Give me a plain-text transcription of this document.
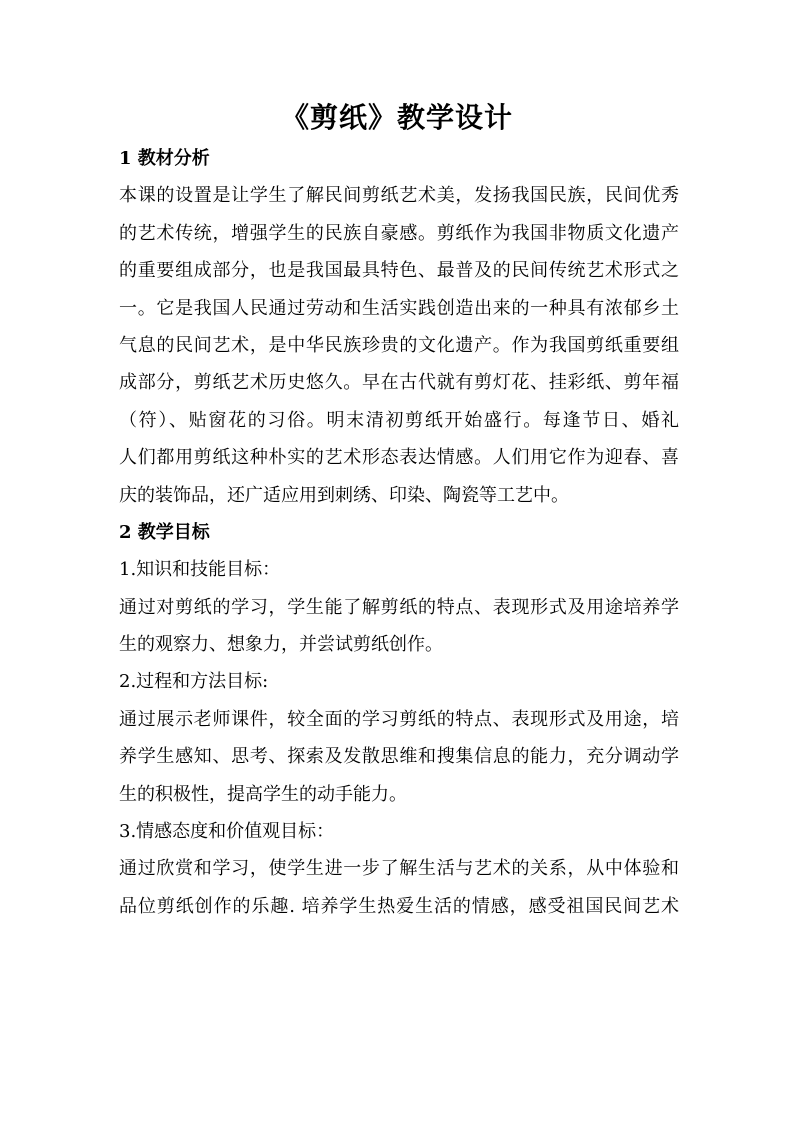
《剪纸》教学设计
1 教材分析
本课的设置是让学生了解民间剪纸艺术美，发扬我国民族，民间优秀
的艺术传统，增强学生的民族自豪感。剪纸作为我国非物质文化遗产
的重要组成部分，也是我国最具特色、最普及的民间传统艺术形式之
一。它是我国人民通过劳动和生活实践创造出来的一种具有浓郁乡土
气息的民间艺术，是中华民族珍贵的文化遗产。作为我国剪纸重要组
成部分，剪纸艺术历史悠久。早在古代就有剪灯花、挂彩纸、剪年福
（符）、贴窗花的习俗。明末清初剪纸开始盛行。每逢节日、婚礼
人们都用剪纸这种朴实的艺术形态表达情感。人们用它作为迎春、喜
庆的装饰品，还广适应用到刺绣、印染、陶瓷等工艺中。
2 教学目标
1.知识和技能目标：
通过对剪纸的学习，学生能了解剪纸的特点、表现形式及用途培养学
生的观察力、想象力，并尝试剪纸创作。
2.过程和方法目标:
通过展示老师课件，较全面的学习剪纸的特点、表现形式及用途，培
养学生感知、思考、探索及发散思维和搜集信息的能力，充分调动学
生的积极性，提高学生的动手能力。
3.情感态度和价值观目标：
通过欣赏和学习，使学生进一步了解生活与艺术的关系，从中体验和
品位剪纸创作的乐趣. 培养学生热爱生活的情感，感受祖国民间艺术
